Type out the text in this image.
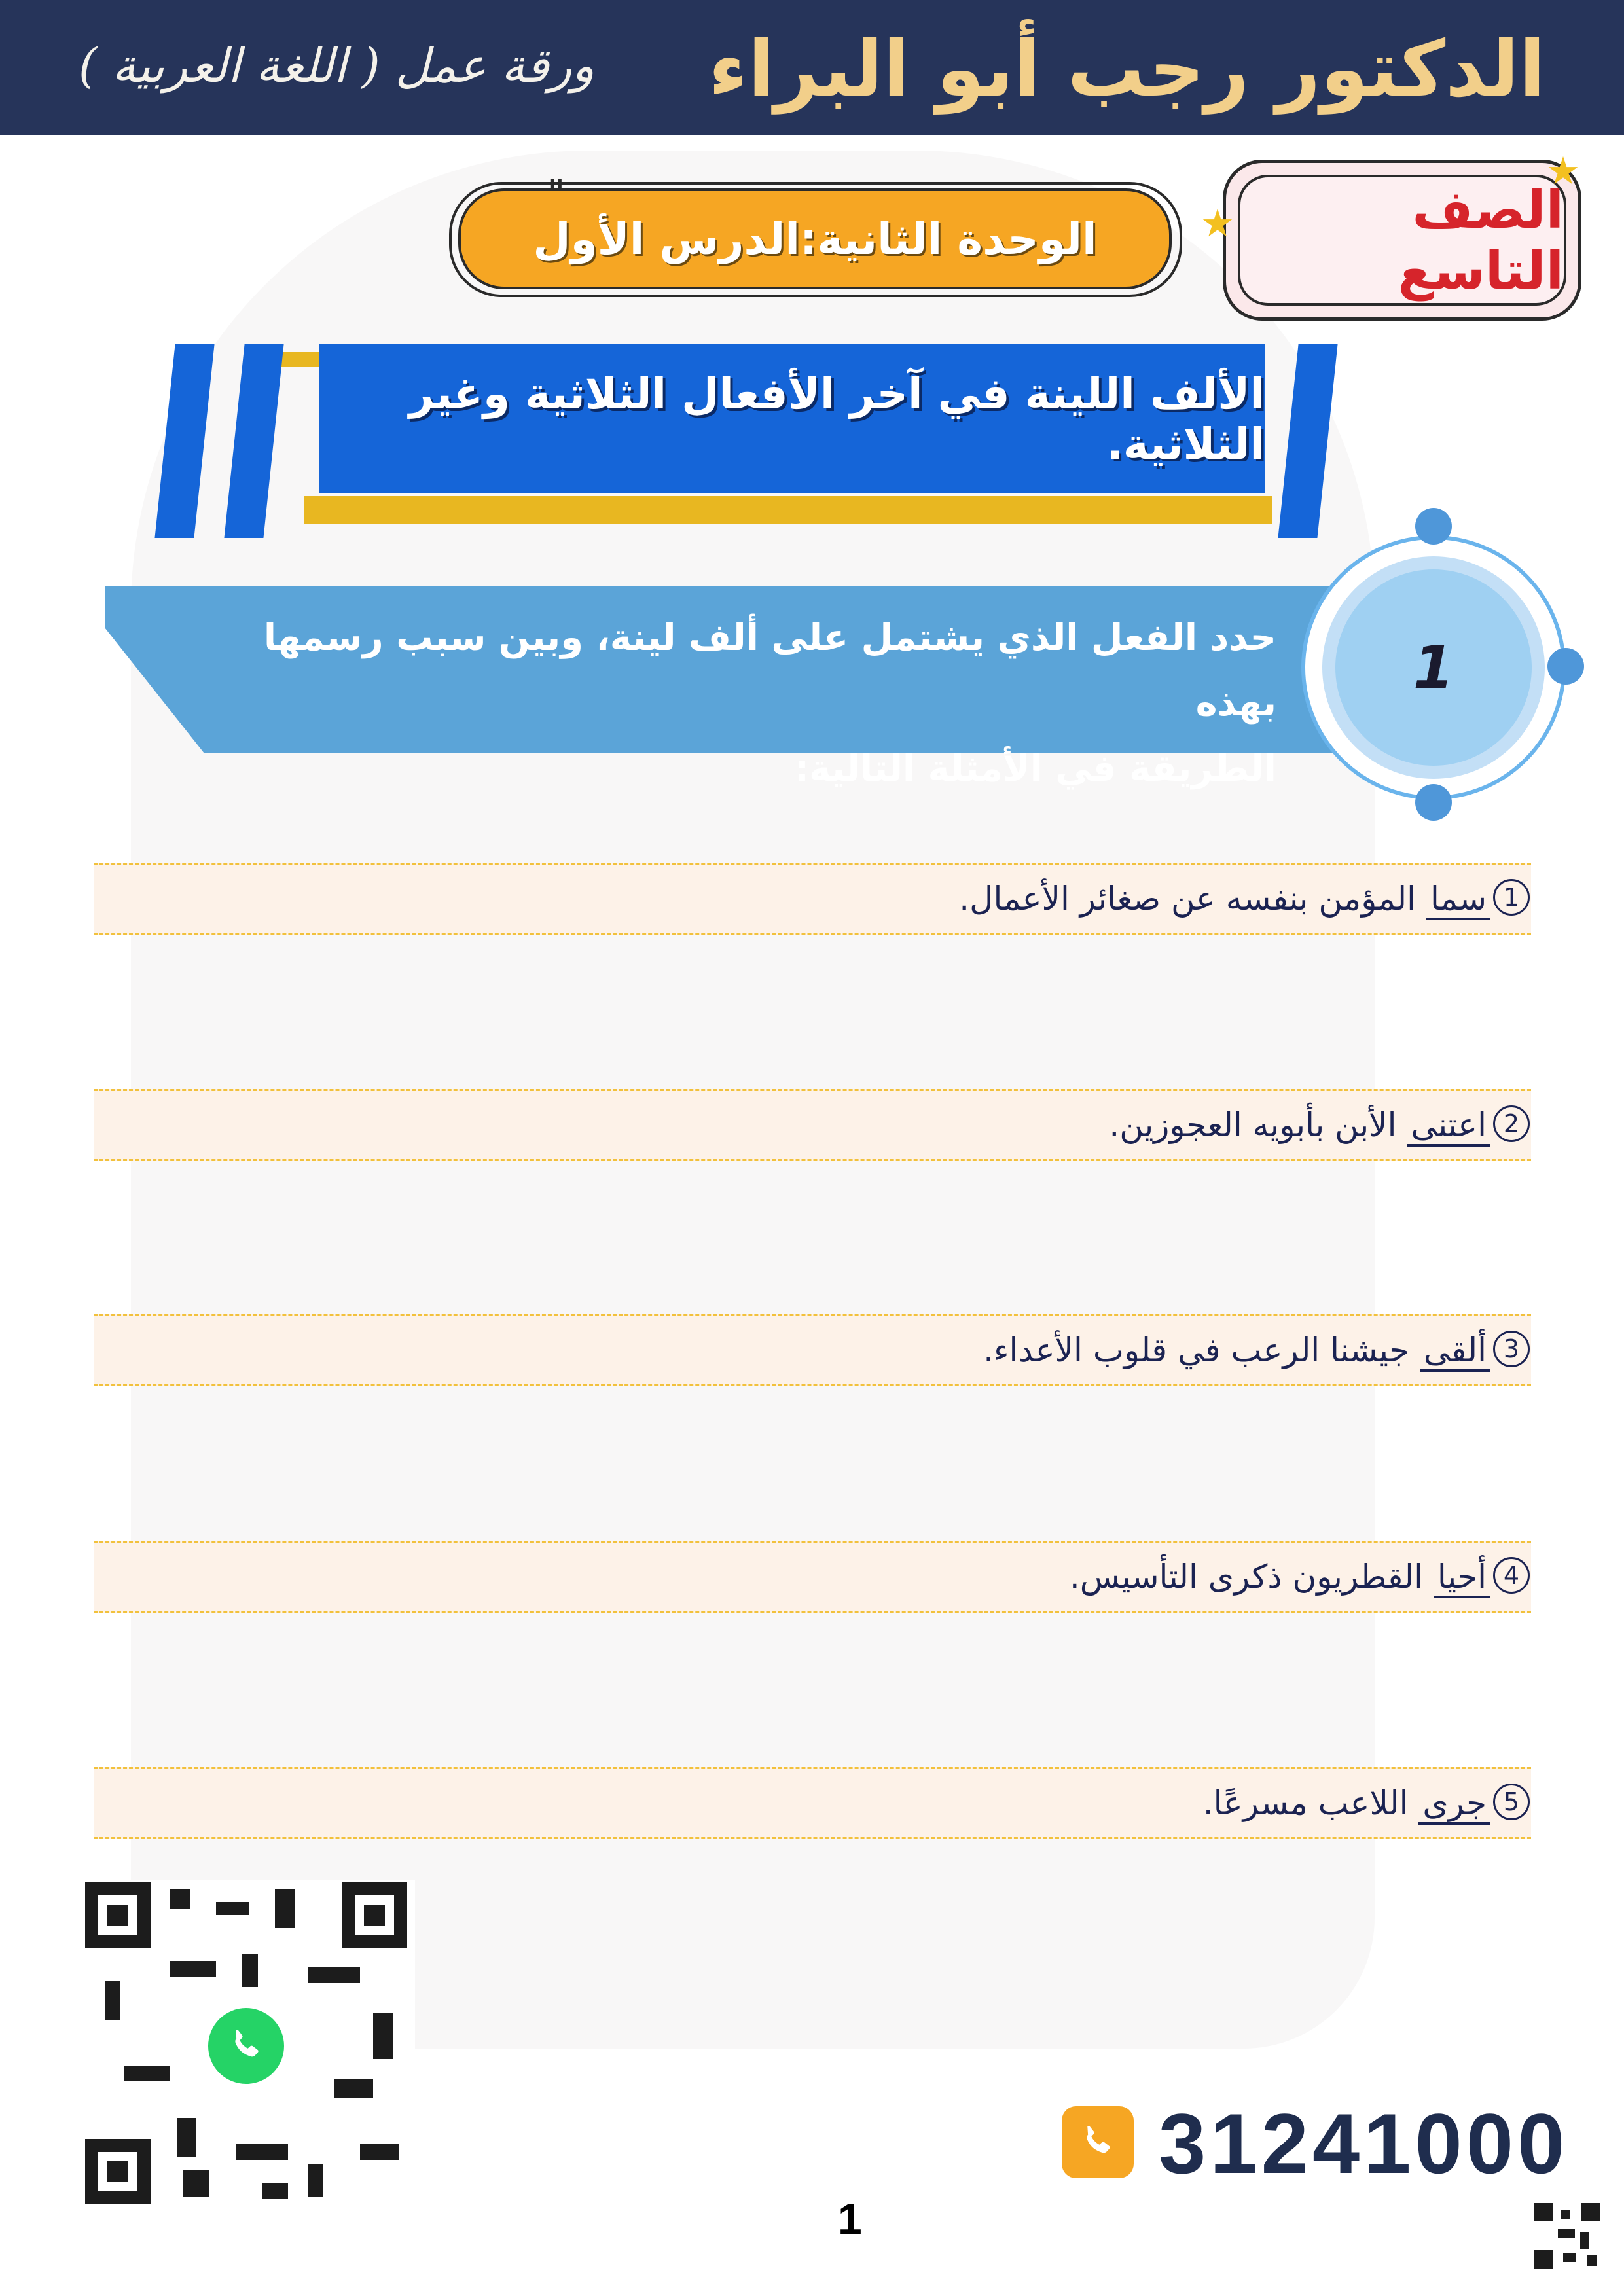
الدكتور رجب أبو البراء
ورقة عمل ( اللغة العربية )
الصف التاسع
★
★
الوحدة الثانية:الدرس الأول
"
الألف اللينة في آخر الأفعال الثلاثية وغير الثلاثية.
حدد الفعل الذي يشتمل على ألف لينة، وبين سبب رسمها بهذه
الطريقة في الأمثلة التالية:
1
1
سما المؤمن بنفسه عن صغائر الأعمال.
2
اعتنى الأبن بأبويه العجوزين.
3
ألقى جيشنا الرعب في قلوب الأعداء.
4
أحيا القطريون ذكرى التأسيس.
5
جرى اللاعب مسرعًا.
31241000
1
